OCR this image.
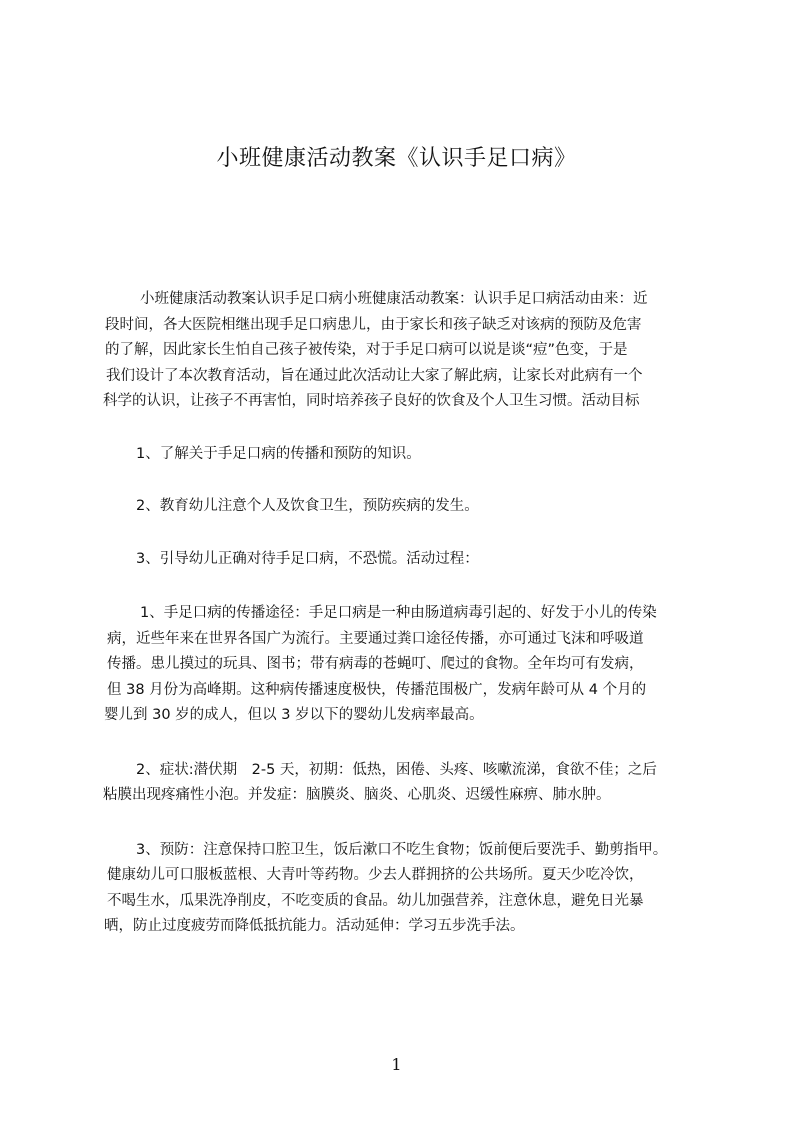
小班健康活动教案《认识手足口病》

小班健康活动教案认识手足口病小班健康活动教案：认识手足口病活动由来：近
段时间，各大医院相继出现手足口病患儿，由于家长和孩子缺乏对该病的预防及危害
的了解，因此家长生怕自己孩子被传染，对于手足口病可以说是谈“痘”色变，于是
我们设计了本次教育活动，旨在通过此次活动让大家了解此病，让家长对此病有一个
科学的认识，让孩子不再害怕，同时培养孩子良好的饮食及个人卫生习惯。活动目标

1、了解关于手足口病的传播和预防的知识。

2、教育幼儿注意个人及饮食卫生，预防疾病的发生。

3、引导幼儿正确对待手足口病，不恐慌。活动过程：

1、手足口病的传播途径：手足口病是一种由肠道病毒引起的、好发于小儿的传染
病，近些年来在世界各国广为流行。主要通过粪口途径传播，亦可通过飞沫和呼吸道
传播。患儿摸过的玩具、图书；带有病毒的苍蝇叮、爬过的食物。全年均可有发病，
但 38 月份为高峰期。这种病传播速度极快，传播范围极广，发病年龄可从 4 个月的
婴儿到 30 岁的成人，但以 3 岁以下的婴幼儿发病率最高。

2、症状:潜伏期　2-5 天，初期：低热，困倦、头疼、咳嗽流涕，食欲不佳；之后
粘膜出现疼痛性小泡。并发症：脑膜炎、脑炎、心肌炎、迟缓性麻痹、肺水肿。

3、预防：注意保持口腔卫生，饭后漱口不吃生食物；饭前便后要洗手、勤剪指甲。
健康幼儿可口服板蓝根、大青叶等药物。少去人群拥挤的公共场所。夏天少吃冷饮，
不喝生水，瓜果洗净削皮，不吃变质的食品。幼儿加强营养，注意休息，避免日光暴
晒，防止过度疲劳而降低抵抗能力。活动延伸：学习五步洗手法。

1
